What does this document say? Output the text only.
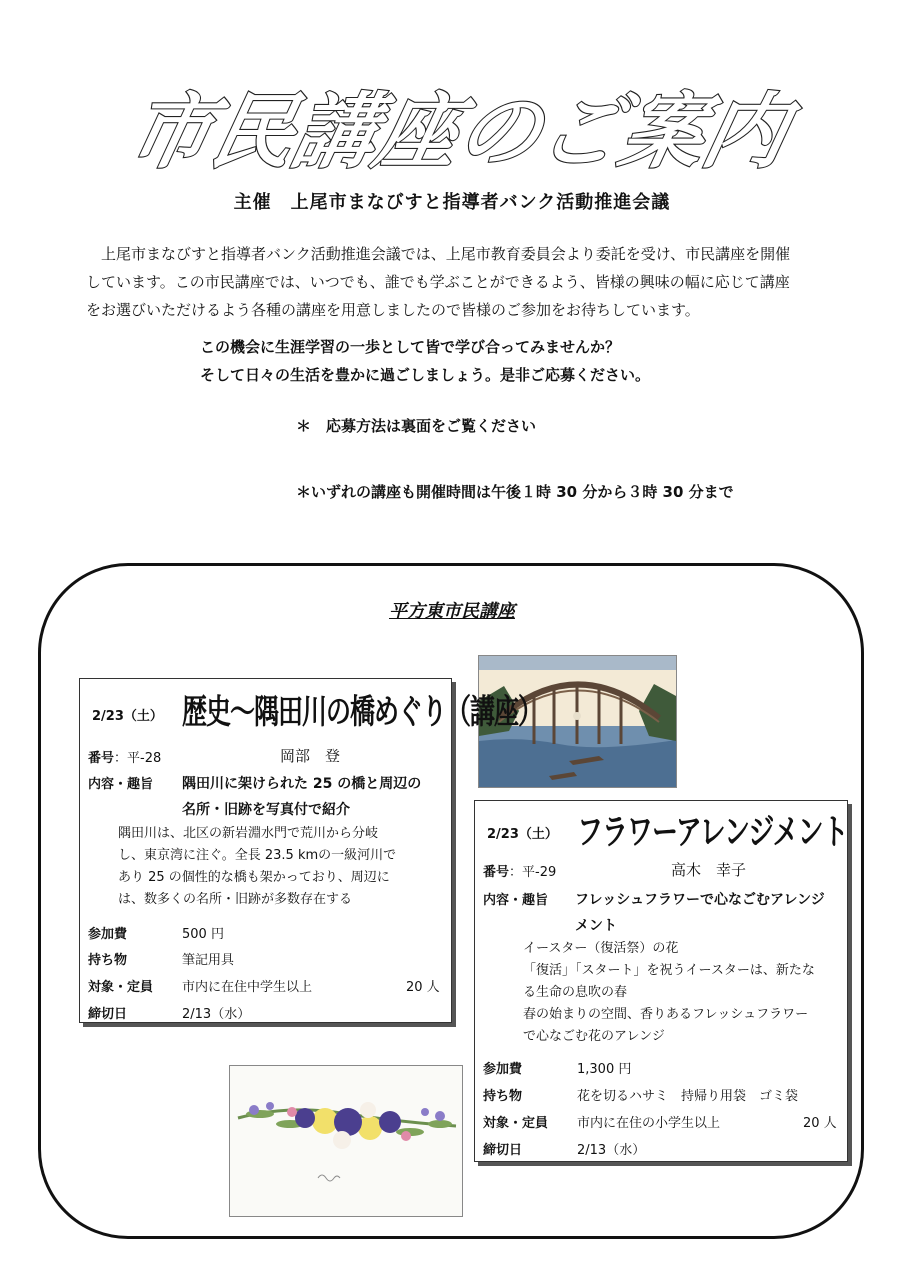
市民講座のご案内
主催　上尾市まなびすと指導者バンク活動推進会議

上尾市まなびすと指導者バンク活動推進会議では、上尾市教育委員会より委託を受け、市民講座を開催

しています。この市民講座では、いつでも、誰でも学ぶことができるよう、皆様の興味の幅に応じて講座

をお選びいただけるよう各種の講座を用意しましたので皆様のご参加をお待ちしています。

この機会に生涯学習の一歩として皆で学び合ってみませんか？
そして日々の生活を豊かに過ごしましょう。是非ご応募ください。
＊　応募方法は裏面をご覧ください
＊いずれの講座も開催時間は午後１時 30 分から３時 30 分まで
平方東市民講座
2/23（土） 歴史～隅田川の橋めぐり（講座）
番号：平-28	岡部　登
内容・趣旨 隅田川に架けられた 25 の橋と周辺の
名所・旧跡を写真付で紹介
隅田川は、北区の新岩淵水門で荒川から分岐
し、東京湾に注ぐ。全長 23.5 kmの一級河川で
あり 25 の個性的な橋も架かっており、周辺に
は、数多くの名所・旧跡が多数存在する
参加費	500 円
持ち物	筆記用具
対象・定員 市内に在住中学生以上	20 人
締切日	2/13（水）
2/23（土） フラワーアレンジメント
番号：平-29	高木　幸子
内容・趣旨 フレッシュフラワーで心なごむアレンジ
メント
イースター（復活祭）の花
「復活」「スタート」を祝うイースターは、新たな
る生命の息吹の春
春の始まりの空間、香りあるフレッシュフラワー
で心なごむ花のアレンジ
参加費	1,300 円
持ち物	花を切るハサミ　持帰り用袋　ゴミ袋
対象・定員 市内に在住の小学生以上	20 人
締切日	2/13（水）
